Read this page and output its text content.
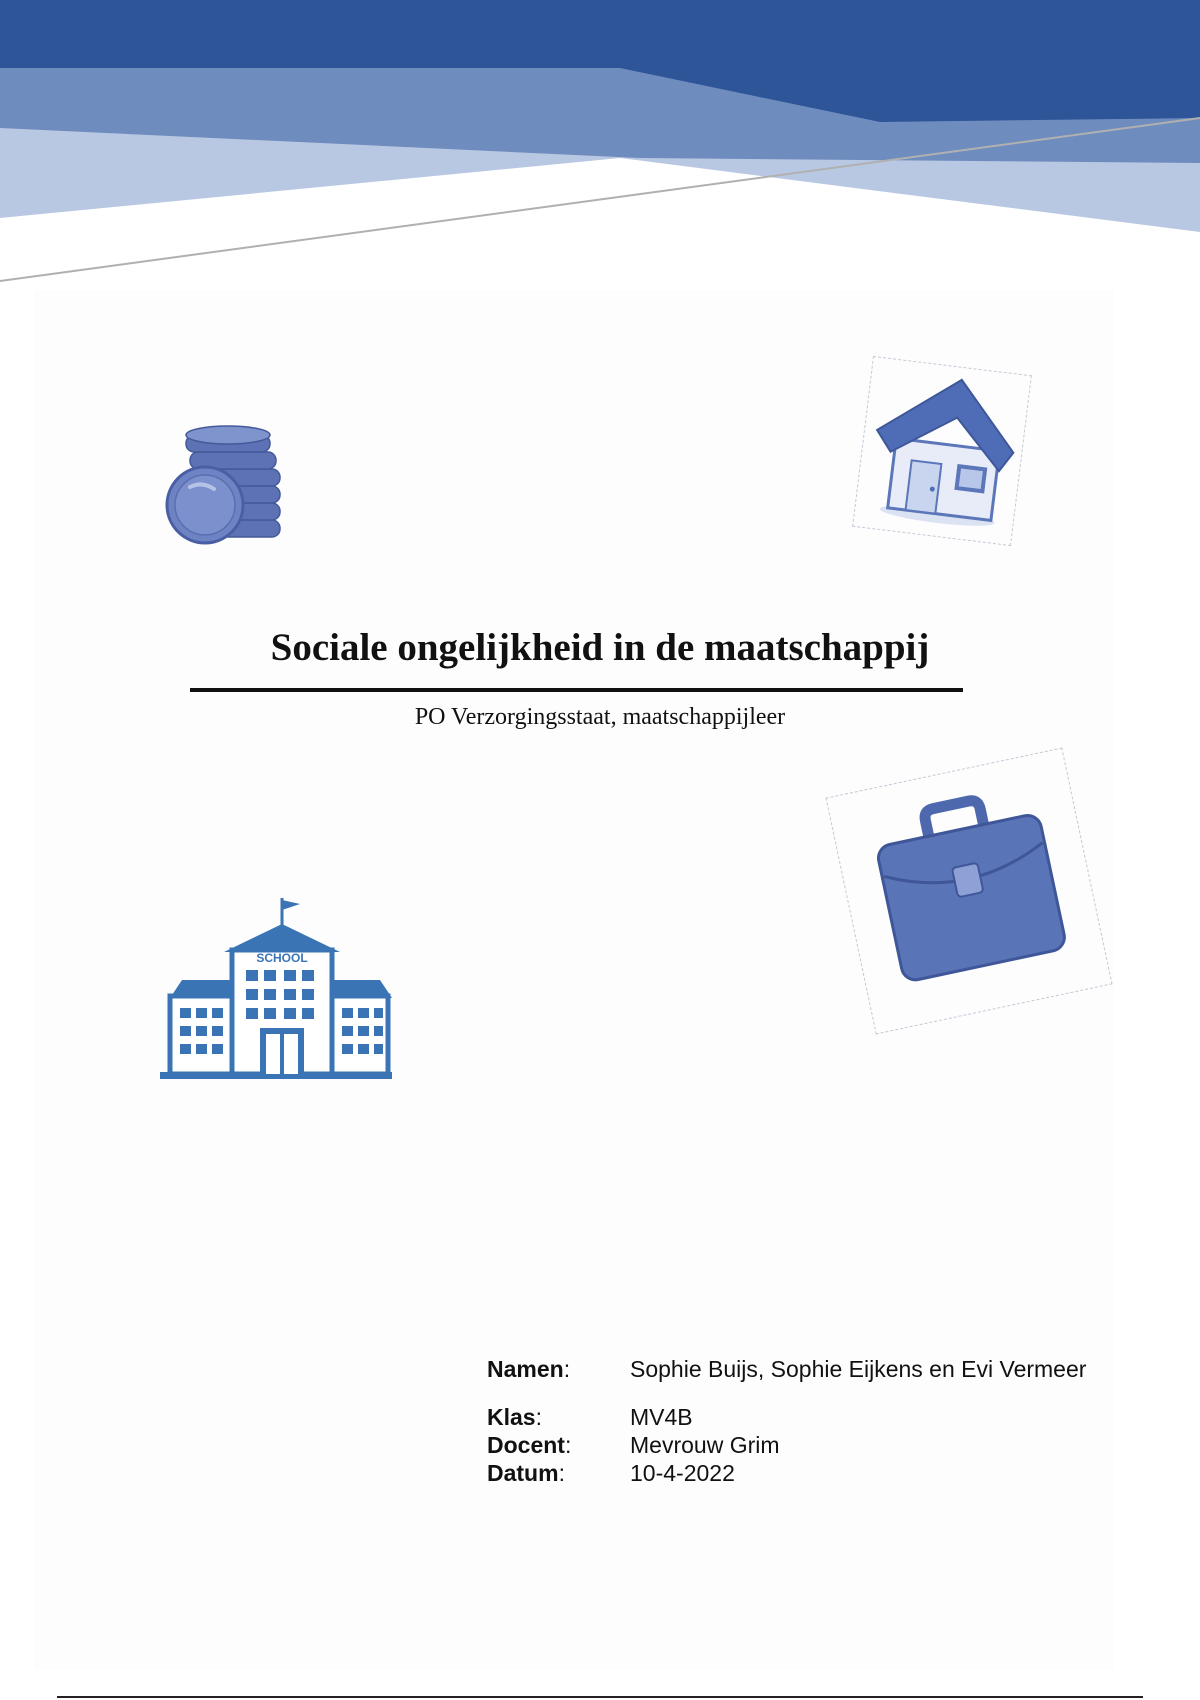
Sociale ongelijkheid in de maatschappij
PO Verzorgingsstaat, maatschappijleer
SCHOOL
Namen:	Sophie Buijs, Sophie Eijkens en Evi Vermeer
Klas:	MV4B
Docent:	Mevrouw Grim
Datum:	10-4-2022
